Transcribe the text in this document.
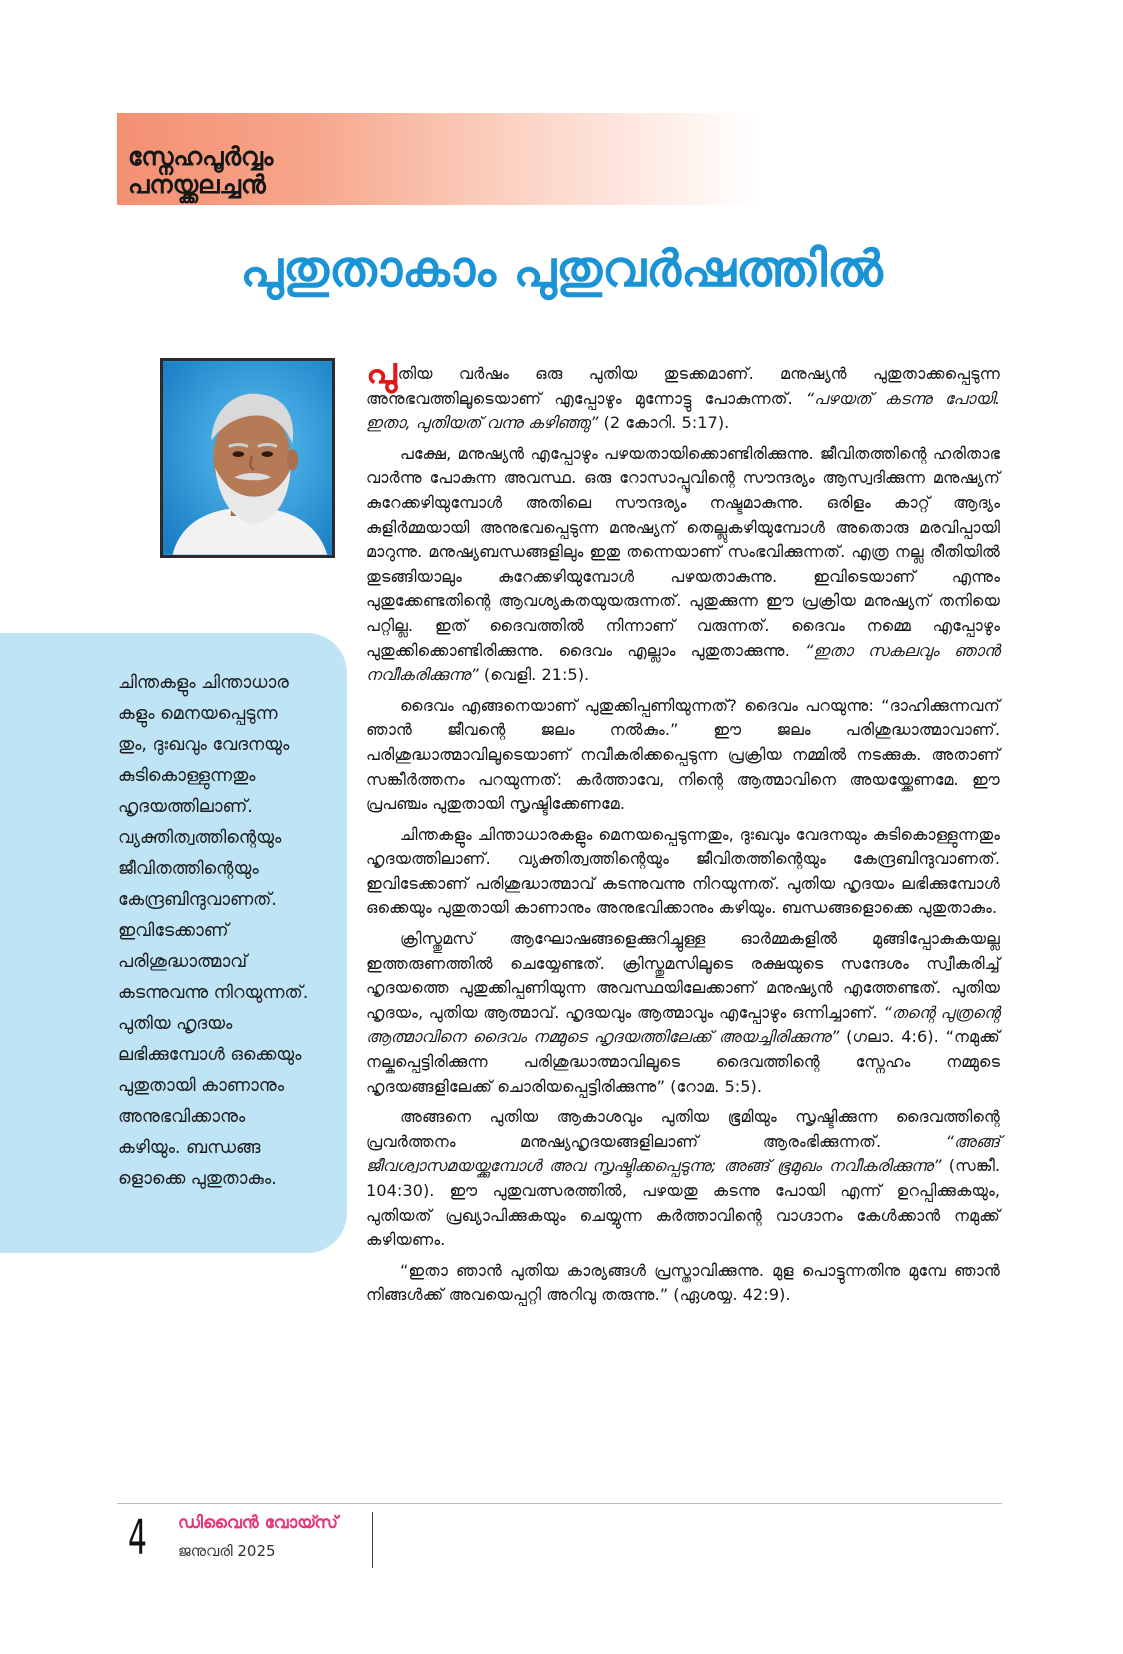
സ്നേഹപൂർവ്വം
പനയ്ക്കലച്ചൻ
പുതുതാകാം പുതുവർഷത്തിൽ
ചിന്തകളും ചിന്താധാര
കളും മെനയപ്പെടുന്ന
തും, ദുഃഖവും വേദനയും
കുടികൊള്ളുന്നതും
ഹൃദയത്തിലാണ്.
വ്യക്തിത്വത്തിന്റെയും
ജീവിതത്തിന്റെയും
കേന്ദ്രബിന്ദുവാണത്.
ഇവിടേക്കാണ്
പരിശുദ്ധാത്മാവ്
കടന്നുവന്നു നിറയുന്നത്.
പുതിയ ഹൃദയം
ലഭിക്കുമ്പോൾ ഒക്കെയും
പുതുതായി കാണാനും
അനുഭവിക്കാനും
കഴിയും. ബന്ധങ്ങ
ളൊക്കെ പുതുതാകും.

പുതിയ വർഷം ഒരു പുതിയ തുടക്കമാണ്. മനുഷ്യൻ പുതുതാക്കപ്പെടുന്ന അനുഭവത്തിലൂടെയാണ് എപ്പോഴും മുന്നോട്ടു പോകുന്നത്. “പഴയത് കടന്നു പോയി. ഇതാ, പുതിയത് വന്നു കഴിഞ്ഞു” (2 കോറി. 5:17).

പക്ഷേ, മനുഷ്യൻ എപ്പോഴും പഴയതായിക്കൊണ്ടിരിക്കുന്നു. ജീവിതത്തിന്റെ ഹരിതാഭ വാർന്നു പോകുന്ന അവസ്ഥ. ഒരു റോസാപ്പൂവിന്റെ സൗന്ദര്യം ആസ്വദിക്കുന്ന മനുഷ്യന് കുറേക്കഴിയുമ്പോൾ അതിലെ സൗന്ദര്യം നഷ്ടമാകുന്നു. ഒരിളം കാറ്റ് ആദ്യം കുളിർമ്മയായി അനുഭവപ്പെടുന്ന മനുഷ്യന് തെല്ലുകഴിയുമ്പോൾ അതൊരു മരവിപ്പായി മാറുന്നു. മനുഷ്യബന്ധങ്ങളിലും ഇതു തന്നെയാണ് സംഭവിക്കുന്നത്. എത്ര നല്ല രീതിയിൽ തുടങ്ങിയാലും കുറേക്കഴിയുമ്പോൾ പഴയതാകുന്നു. ഇവിടെയാണ് എന്നും പുതുക്കേണ്ടതിന്റെ ആവശ്യകതയുയരുന്നത്. പുതുക്കുന്ന ഈ പ്രക്രിയ മനുഷ്യന് തനിയെ പറ്റില്ല. ഇത് ദൈവത്തിൽ നിന്നാണ് വരുന്നത്. ദൈവം നമ്മെ എപ്പോഴും പുതുക്കിക്കൊണ്ടിരിക്കുന്നു. ദൈവം എല്ലാം പുതുതാക്കുന്നു. “ഇതാ സകലവും ഞാൻ നവീകരിക്കുന്നു” (വെളി. 21:5).

ദൈവം എങ്ങനെയാണ് പുതുക്കിപ്പണിയുന്നത്? ദൈവം പറയുന്നു: “ദാഹിക്കുന്നവന് ഞാൻ ജീവന്റെ ജലം നൽകും.” ഈ ജലം പരിശുദ്ധാത്മാവാണ്. പരിശുദ്ധാത്മാവിലൂടെയാണ് നവീകരിക്കപ്പെടുന്ന പ്രക്രിയ നമ്മിൽ നടക്കുക. അതാണ് സങ്കീർത്തനം പറയുന്നത്: കർത്താവേ, നിന്റെ ആത്മാവിനെ അയയ്ക്കേണമേ. ഈ പ്രപഞ്ചം പുതുതായി സൃഷ്ടിക്കേണമേ.

ചിന്തകളും ചിന്താധാരകളും മെനയപ്പെടുന്നതും, ദുഃഖവും വേദനയും കുടികൊള്ളുന്നതും ഹൃദയത്തിലാണ്. വ്യക്തിത്വത്തിന്റെയും ജീവിതത്തിന്റെയും കേന്ദ്രബിന്ദുവാണത്. ഇവിടേക്കാണ് പരിശുദ്ധാത്മാവ് കടന്നുവന്നു നിറയുന്നത്. പുതിയ ഹൃദയം ലഭിക്കുമ്പോൾ ഒക്കെയും പുതുതായി കാണാനും അനുഭവിക്കാനും കഴിയും. ബന്ധങ്ങളൊക്കെ പുതുതാകും.

ക്രിസ്തുമസ് ആഘോഷങ്ങളെക്കുറിച്ചുള്ള ഓർമ്മകളിൽ മുങ്ങിപ്പോകുകയല്ല ഇത്തരുണത്തിൽ ചെയ്യേണ്ടത്. ക്രിസ്തുമസിലൂടെ രക്ഷയുടെ സന്ദേശം സ്വീകരിച്ച് ഹൃദയത്തെ പുതുക്കിപ്പണിയുന്ന അവസ്ഥയിലേക്കാണ് മനുഷ്യൻ എത്തേണ്ടത്. പുതിയ ഹൃദയം, പുതിയ ആത്മാവ്. ഹൃദയവും ആത്മാവും എപ്പോഴും ഒന്നിച്ചാണ്. “തന്റെ പുത്രന്റെ ആത്മാവിനെ ദൈവം നമ്മുടെ ഹൃദയത്തിലേക്ക് അയച്ചിരിക്കുന്നു” (ഗലാ. 4:6). “നമുക്ക് നല്കപ്പെട്ടിരിക്കുന്ന പരിശുദ്ധാത്മാവിലൂടെ ദൈവത്തിന്റെ സ്നേഹം നമ്മുടെ ഹൃദയങ്ങളിലേക്ക് ചൊരിയപ്പെട്ടിരിക്കുന്നു” (റോമ. 5:5).

അങ്ങനെ പുതിയ ആകാശവും പുതിയ ഭൂമിയും സൃഷ്ടിക്കുന്ന ദൈവത്തിന്റെ പ്രവർത്തനം മനുഷ്യഹൃദയങ്ങളിലാണ് ആരംഭിക്കുന്നത്. “അങ്ങ് ജീവശ്വാസമയയ്ക്കുമ്പോൾ അവ സൃഷ്ടിക്കപ്പെടുന്നു; അങ്ങ് ഭൂമുഖം നവീകരിക്കുന്നു” (സങ്കീ. 104:30). ഈ പുതുവത്സരത്തിൽ, പഴയതു കടന്നു പോയി എന്ന് ഉറപ്പിക്കുകയും, പുതിയത് പ്രഖ്യാപിക്കുകയും ചെയ്യുന്ന കർത്താവിന്റെ വാഗ്ദാനം കേൾക്കാൻ നമുക്ക് കഴിയണം.

“ഇതാ ഞാൻ പുതിയ കാര്യങ്ങൾ പ്രസ്താവിക്കുന്നു. മുള പൊട്ടുന്നതിനു മുമ്പേ ഞാൻ നിങ്ങൾക്ക് അവയെപ്പറ്റി അറിവു തരുന്നു.” (ഏശയ്യ. 42:9).

4 ഡിവൈൻ വോയ്സ്
ജനുവരി 2025
